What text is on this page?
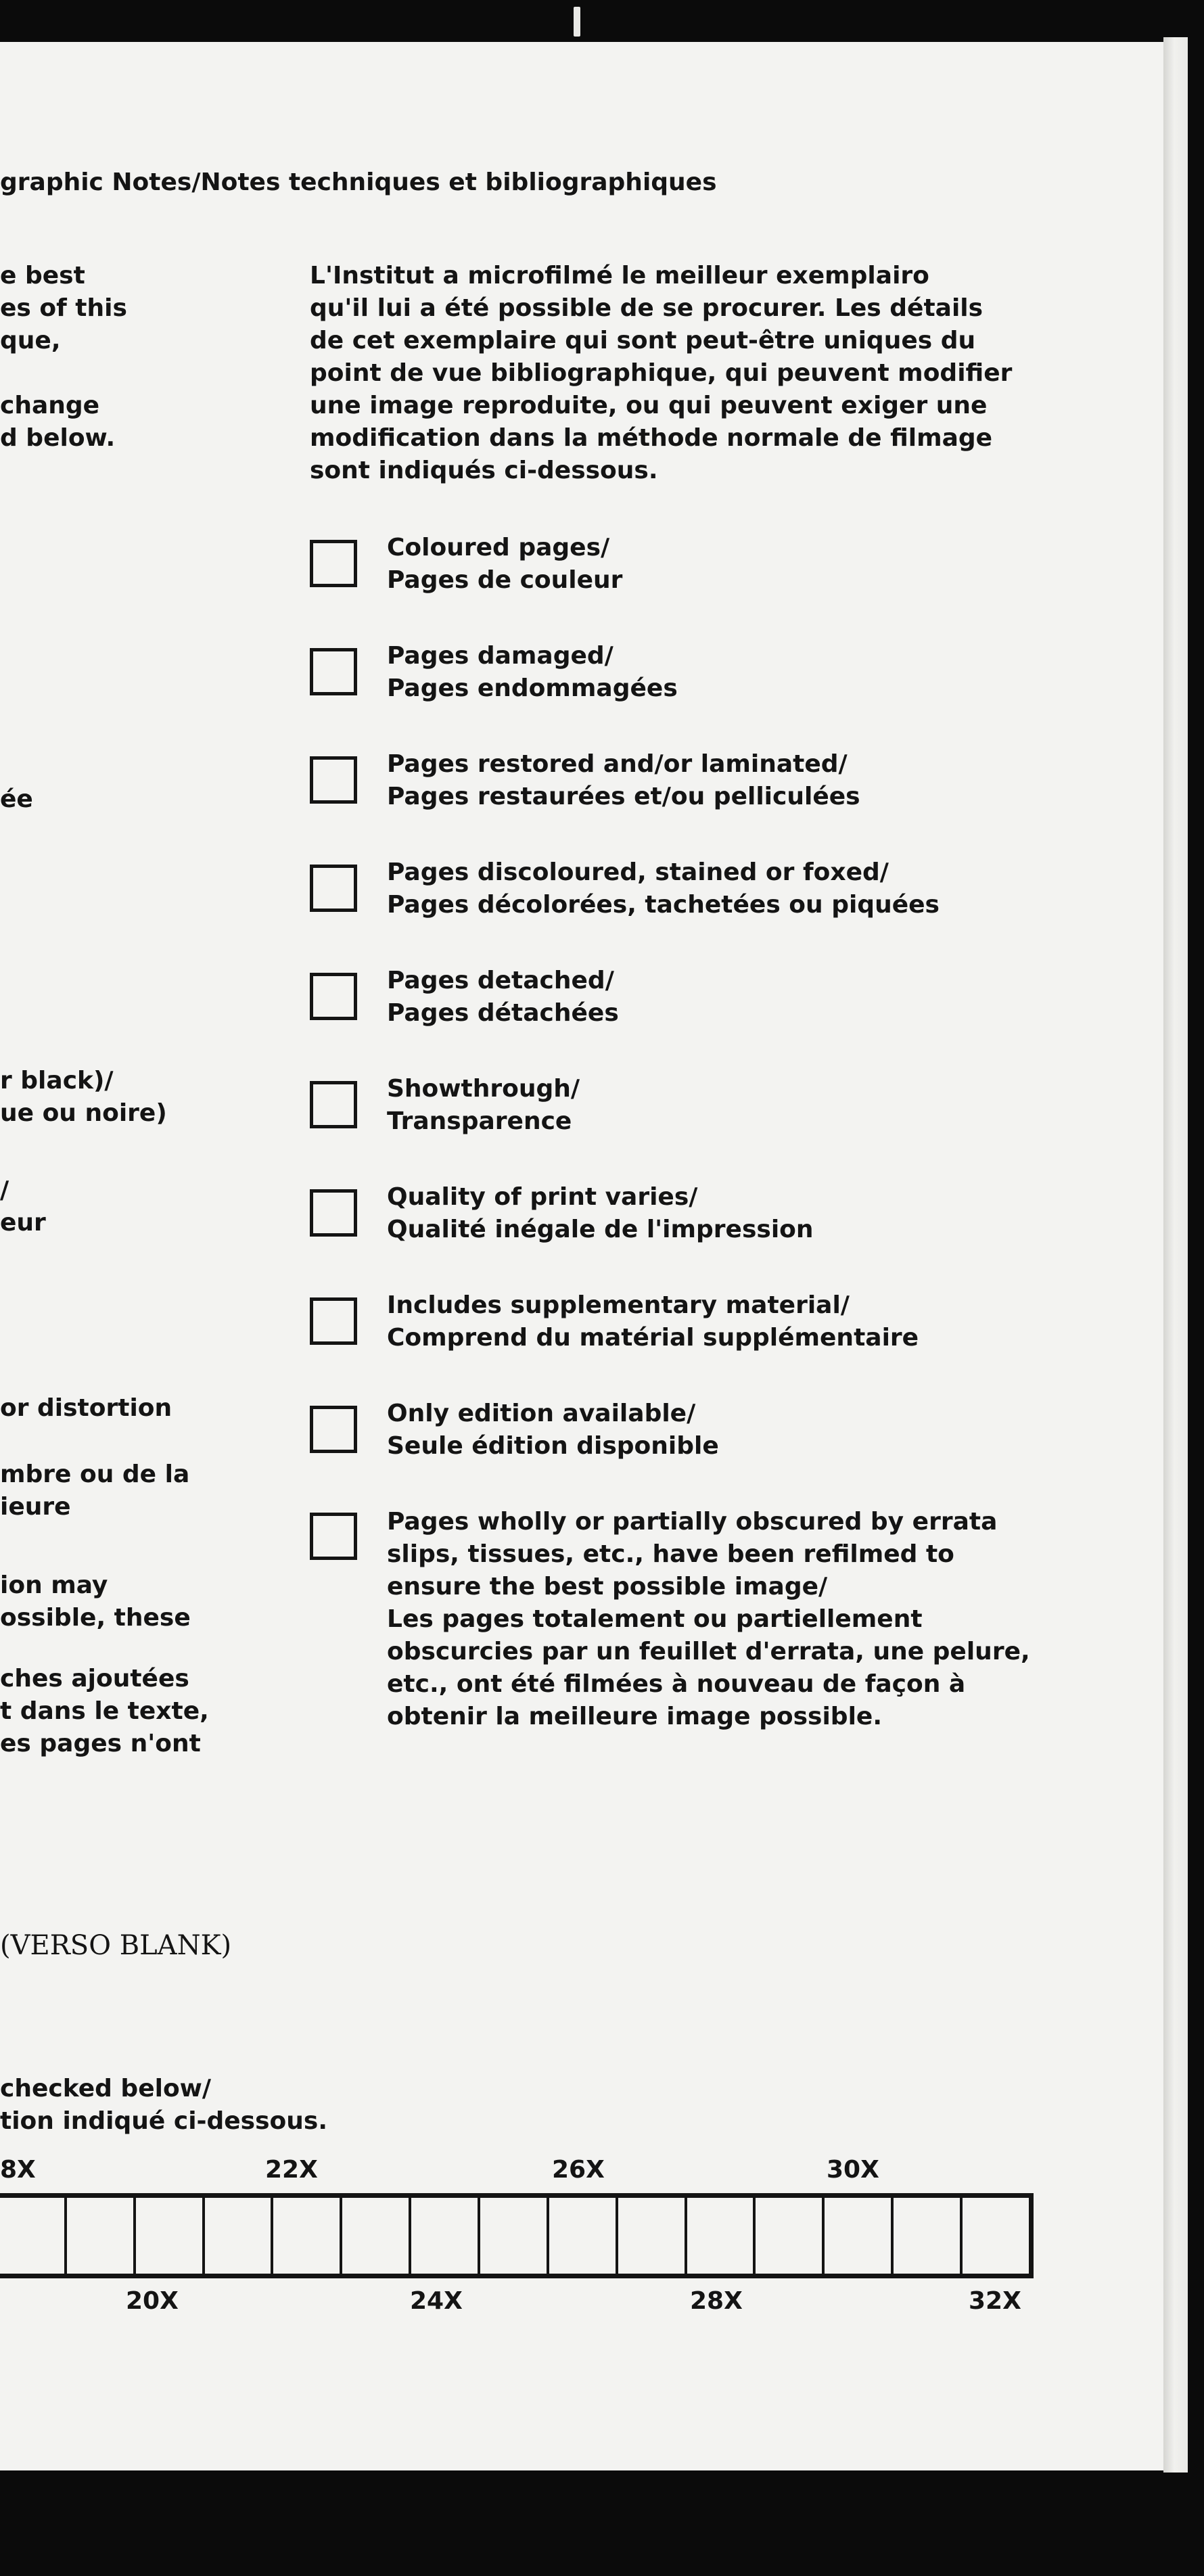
graphic Notes/Notes techniques et bibliographiques
e best
es of this
que,
change
d below.
ée
r black)/
ue ou noire)
/
eur
or distortion
mbre ou de la
ieure
ion may
ossible, these
ches ajoutées
t dans le texte,
es pages n'ont
(VERSO BLANK)
checked below/
tion indiqué ci-dessous.
L'Institut a microfilmé le meilleur exemplairo
qu'il lui a été possible de se procurer. Les détails
de cet exemplaire qui sont peut-être uniques du
point de vue bibliographique, qui peuvent modifier
une image reproduite, ou qui peuvent exiger une
modification dans la méthode normale de filmage
sont indiqués ci-dessous.
Coloured pages/
Pages de couleur
Pages damaged/
Pages endommagées
Pages restored and/or laminated/
Pages restaurées et/ou pelliculées
Pages discoloured, stained or foxed/
Pages décolorées, tachetées ou piquées
Pages detached/
Pages détachées
Showthrough/
Transparence
Quality of print varies/
Qualité inégale de l'impression
Includes supplementary material/
Comprend du matérial supplémentaire
Only edition available/
Seule édition disponible
Pages wholly or partially obscured by errata
slips, tissues, etc., have been refilmed to
ensure the best possible image/
Les pages totalement ou partiellement
obscurcies par un feuillet d'errata, une pelure,
etc., ont été filmées à nouveau de façon à
obtenir la meilleure image possible.
8X	22X	26X	30X
20X	24X	28X	32X
